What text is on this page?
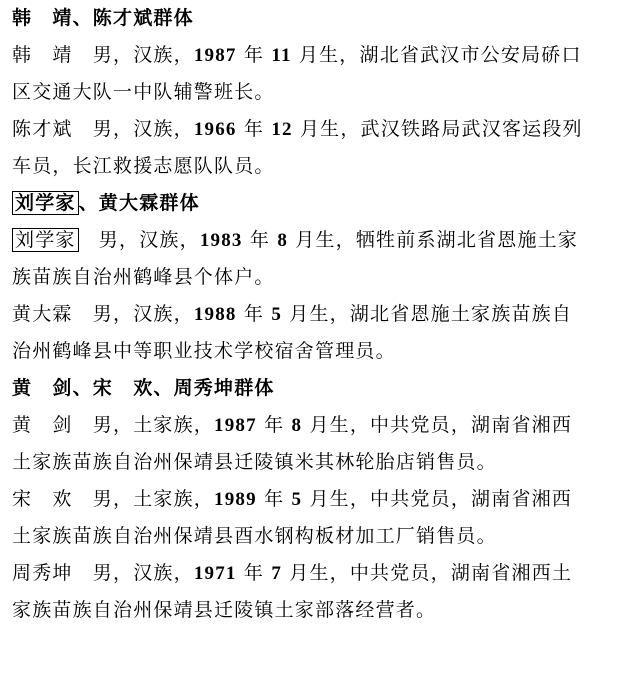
韩　靖、陈才斌群体

韩　靖　男，汉族，1987 年 11 月生，湖北省武汉市公安局硚口

区交通大队一中队辅警班长。

陈才斌　男，汉族，1966 年 12 月生，武汉铁路局武汉客运段列

车员，长江救援志愿队队员。

刘学家 、黄大霖群体

刘学家　男，汉族，1983 年 8 月生，牺牲前系湖北省恩施土家

族苗族自治州鹤峰县个体户。

黄大霖　男，汉族，1988 年 5 月生，湖北省恩施土家族苗族自

治州鹤峰县中等职业技术学校宿舍管理员。

黄　剑、宋　欢、周秀坤群体

黄　剑　男，土家族，1987 年 8 月生，中共党员，湖南省湘西

土家族苗族自治州保靖县迁陵镇米其林轮胎店销售员。

宋　欢　男，土家族，1989 年 5 月生，中共党员，湖南省湘西

土家族苗族自治州保靖县酉水钢构板材加工厂销售员。

周秀坤　男，汉族，1971 年 7 月生，中共党员，湖南省湘西土

家族苗族自治州保靖县迁陵镇土家部落经营者。
